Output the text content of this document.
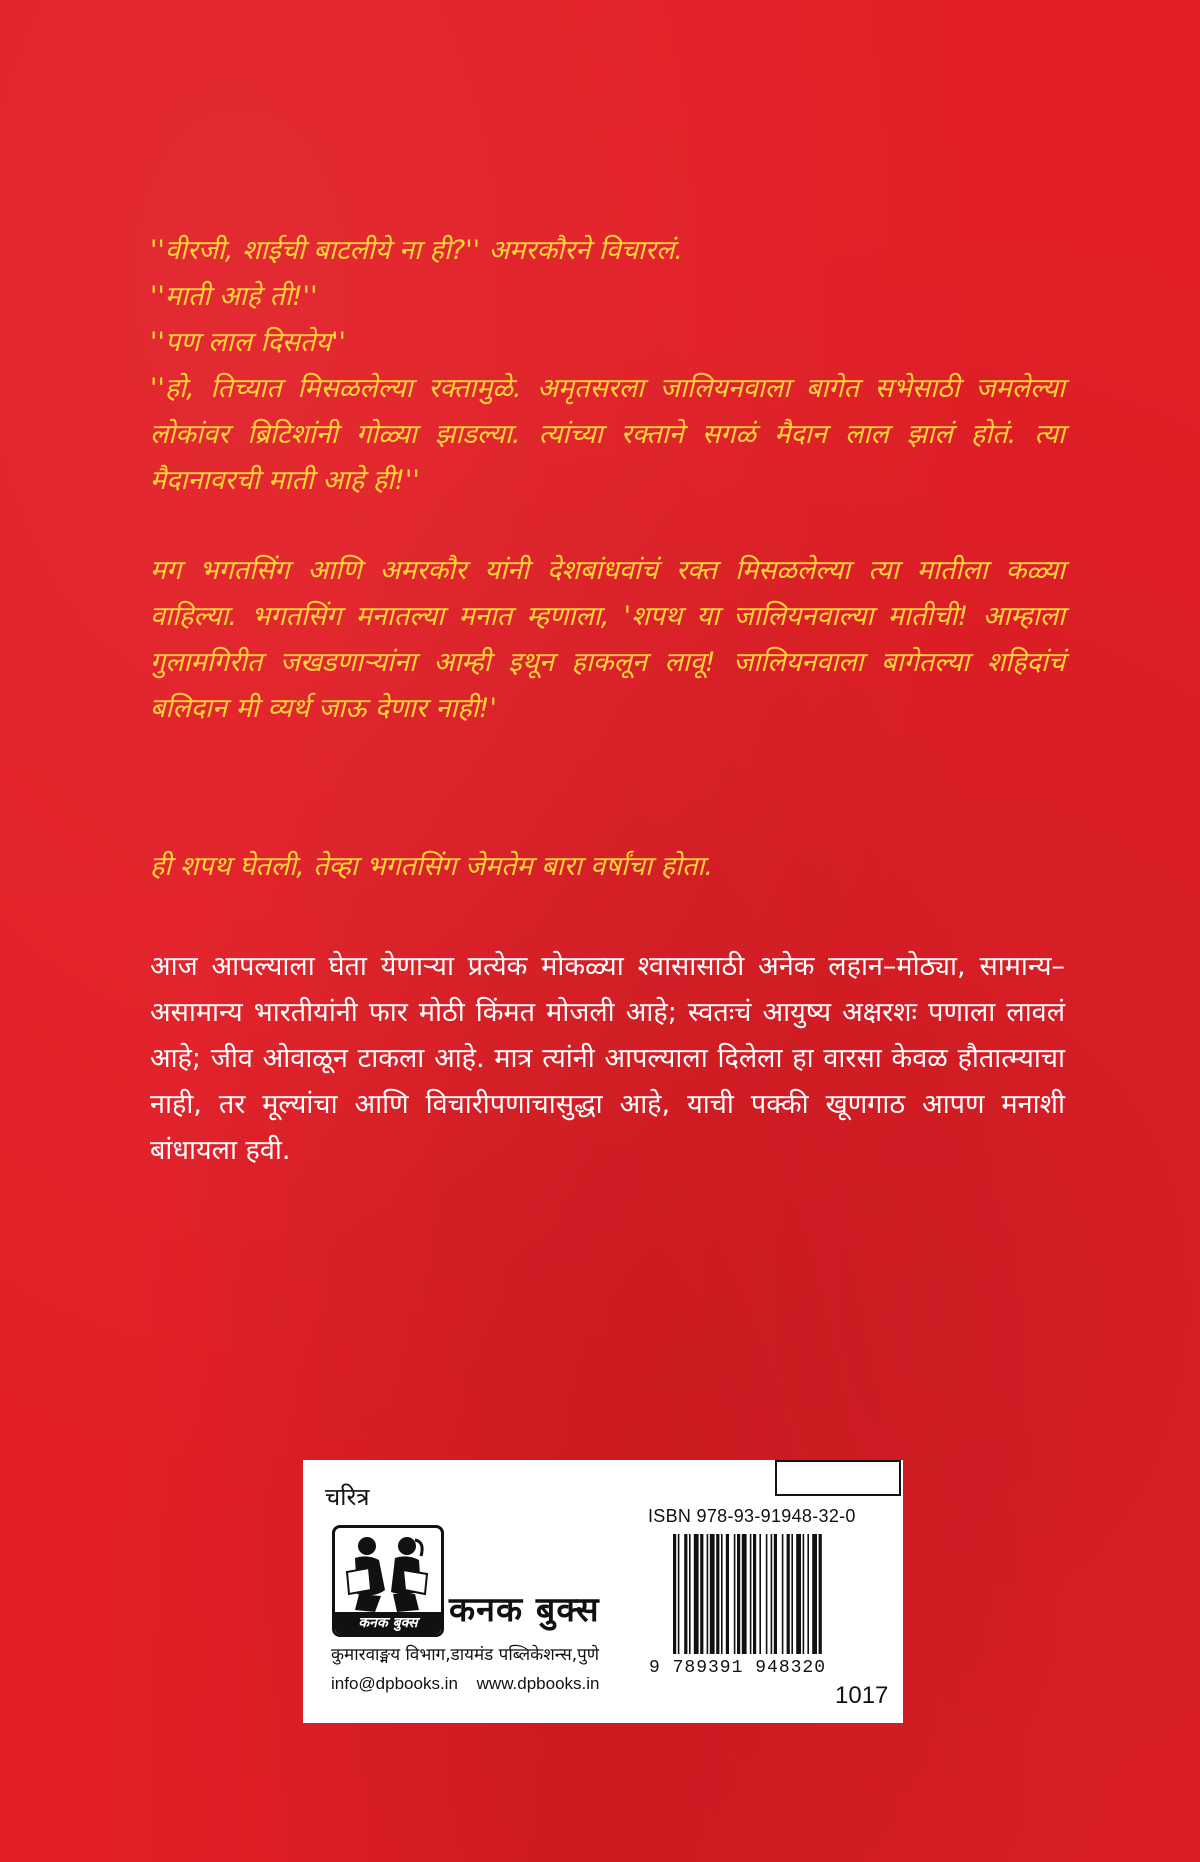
''वीरजी, शाईची बाटलीये ना ही?'' अमरकौरने विचारलं.

''माती आहे ती!''

''पण लाल दिसतेय''

''हो, तिच्यात मिसळलेल्या रक्तामुळे. अमृतसरला जालियनवाला बागेत सभेसाठी जमलेल्या लोकांवर ब्रिटिशांनी गोळ्या झाडल्या. त्यांच्या रक्ताने सगळं मैदान लाल झालं होतं. त्या मैदानावरची माती आहे ही!''

मग भगतसिंग आणि अमरकौर यांनी देशबांधवांचं रक्त मिसळलेल्या त्या मातीला कळ्या वाहिल्या. भगतसिंग मनातल्या मनात म्हणाला, 'शपथ या जालियनवाल्या मातीची! आम्हाला गुलामगिरीत जखडणाऱ्यांना आम्ही इथून हाकलून लावू! जालियनवाला बागेतल्या शहिदांचं बलिदान मी व्यर्थ जाऊ देणार नाही!'
ही शपथ घेतली, तेव्हा भगतसिंग जेमतेम बारा वर्षांचा होता.
आज आपल्याला घेता येणाऱ्या प्रत्येक मोकळ्या श्वासासाठी अनेक लहान–मोठ्या, सामान्य–असामान्य भारतीयांनी फार मोठी किंमत मोजली आहे; स्वतःचं आयुष्य अक्षरशः पणाला लावलं आहे; जीव ओवाळून टाकला आहे. मात्र त्यांनी आपल्याला दिलेला हा वारसा केवळ हौतात्म्याचा नाही, तर मूल्यांचा आणि विचारीपणाचासुद्धा आहे, याची पक्की खूणगाठ आपण मनाशी बांधायला हवी.
चरित्र
ISBN 978-93-91948-32-0
9 789391 948320
1017
कनक बुक्स कनक बुक्स
कुमारवाङ्मय विभाग,डायमंड पब्लिकेशन्स,पुणे
info@dpbooks.in www.dpbooks.in
